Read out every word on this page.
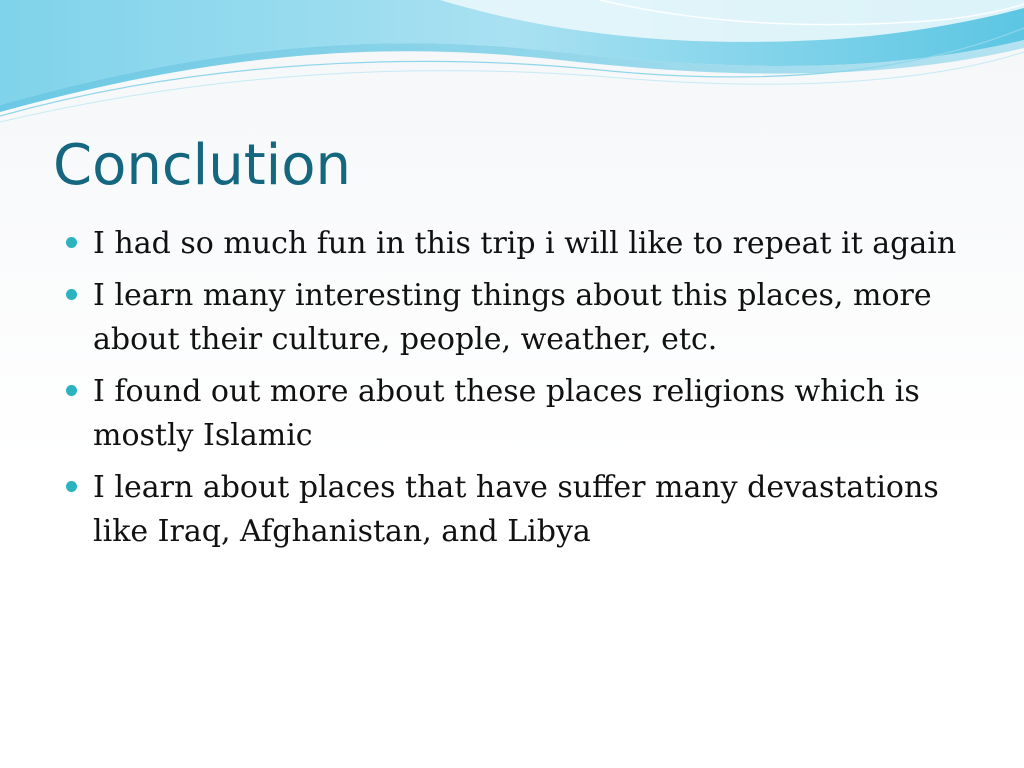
Conclution
I had so much fun in this trip i will like to repeat it again
I learn many interesting things about this places, more about their culture, people, weather, etc.
I found out more about these places religions which is mostly Islamic
I learn about places that have suffer many devastations like Iraq, Afghanistan, and Libya
